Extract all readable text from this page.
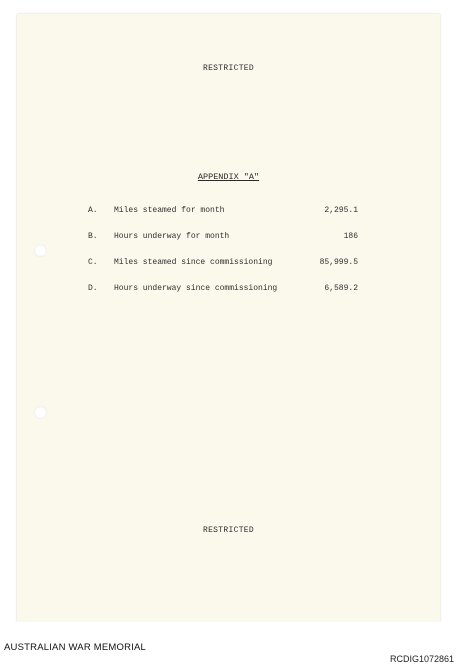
RESTRICTED
APPENDIX "A"
A. Miles steamed for month	2,295.1
B. Hours underway for month	186
C. Miles steamed since commissioning	85,999.5
D. Hours underway since commissioning	6,589.2
RESTRICTED
AUSTRALIAN WAR MEMORIAL
RCDIG1072861
